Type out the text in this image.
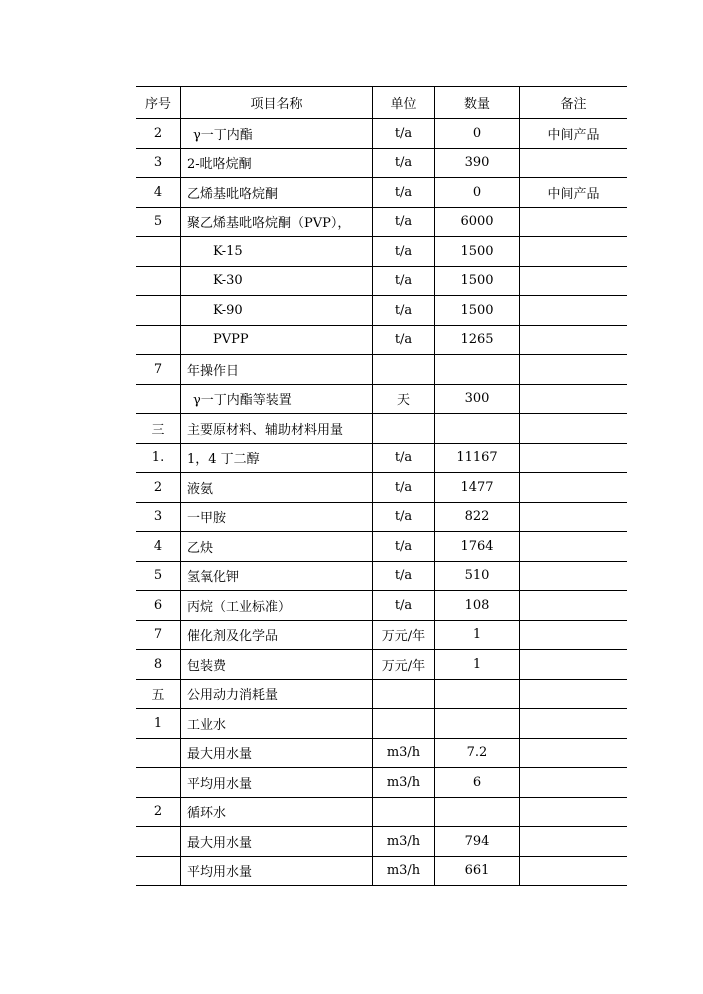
序号	项目名称	单位	数量	备注
2	γ一丁内酯	t/a	0	中间产品
3	2-吡咯烷酮	t/a	390	
4	乙烯基吡咯烷酮	t/a	0	中间产品
5	聚乙烯基吡咯烷酮（PVP），	t/a	6000	
	K-15	t/a	1500	
	K-30	t/a	1500	
	K-90	t/a	1500	
	PVPP	t/a	1265	
7	年操作日			
	γ一丁内酯等装置	天	300	
三	主要原材料、辅助材料用量			
1.	1，4 丁二醇	t/a	11167	
2	液氨	t/a	1477	
3	一甲胺	t/a	822	
4	乙炔	t/a	1764	
5	氢氧化钾	t/a	510	
6	丙烷（工业标准）	t/a	108	
7	催化剂及化学品	万元/年	1	
8	包装费	万元/年	1	
五	公用动力消耗量			
1	工业水			
	最大用水量	m3/h	7.2	
	平均用水量	m3/h	6	
2	循环水			
	最大用水量	m3/h	794	
	平均用水量	m3/h	661	
